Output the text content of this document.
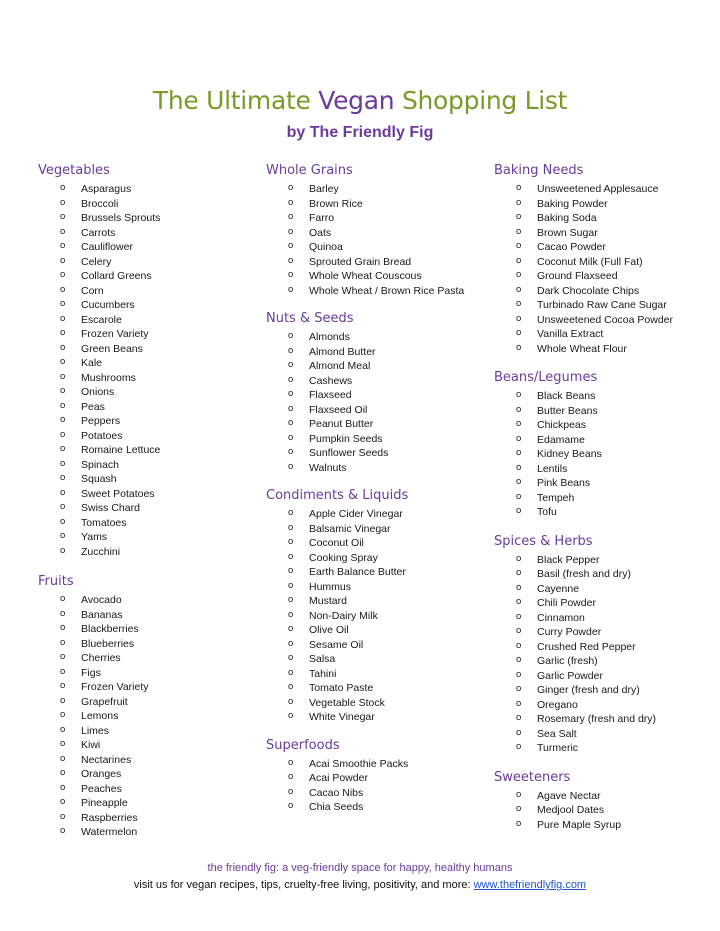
The Ultimate Vegan Shopping List
by The Friendly Fig
Vegetables
o Asparagus
o Broccoli
o Brussels Sprouts
o Carrots
o Cauliflower
o Celery
o Collard Greens
o Corn
o Cucumbers
o Escarole
o Frozen Variety
o Green Beans
o Kale
o Mushrooms
o Onions
o Peas
o Peppers
o Potatoes
o Romaine Lettuce
o Spinach
o Squash
o Sweet Potatoes
o Swiss Chard
o Tomatoes
o Yams
o Zucchini
Fruits
o Avocado
o Bananas
o Blackberries
o Blueberries
o Cherries
o Figs
o Frozen Variety
o Grapefruit
o Lemons
o Limes
o Kiwi
o Nectarines
o Oranges
o Peaches
o Pineapple
o Raspberries
o Watermelon
Whole Grains
o Barley
o Brown Rice
o Farro
o Oats
o Quinoa
o Sprouted Grain Bread
o Whole Wheat Couscous
o Whole Wheat / Brown Rice Pasta
Nuts & Seeds
o Almonds
o Almond Butter
o Almond Meal
o Cashews
o Flaxseed
o Flaxseed Oil
o Peanut Butter
o Pumpkin Seeds
o Sunflower Seeds
o Walnuts
Condiments & Liquids
o Apple Cider Vinegar
o Balsamic Vinegar
o Coconut Oil
o Cooking Spray
o Earth Balance Butter
o Hummus
o Mustard
o Non-Dairy Milk
o Olive Oil
o Sesame Oil
o Salsa
o Tahini
o Tomato Paste
o Vegetable Stock
o White Vinegar
Superfoods
o Acai Smoothie Packs
o Acai Powder
o Cacao Nibs
o Chia Seeds
Baking Needs
o Unsweetened Applesauce
o Baking Powder
o Baking Soda
o Brown Sugar
o Cacao Powder
o Coconut Milk (Full Fat)
o Ground Flaxseed
o Dark Chocolate Chips
o Turbinado Raw Cane Sugar
o Unsweetened Cocoa Powder
o Vanilla Extract
o Whole Wheat Flour
Beans/Legumes
o Black Beans
o Butter Beans
o Chickpeas
o Edamame
o Kidney Beans
o Lentils
o Pink Beans
o Tempeh
o Tofu
Spices & Herbs
o Black Pepper
o Basil (fresh and dry)
o Cayenne
o Chili Powder
o Cinnamon
o Curry Powder
o Crushed Red Pepper
o Garlic (fresh)
o Garlic Powder
o Ginger (fresh and dry)
o Oregano
o Rosemary (fresh and dry)
o Sea Salt
o Turmeric
Sweeteners
o Agave Nectar
o Medjool Dates
o Pure Maple Syrup
the friendly fig: a veg-friendly space for happy, healthy humans
visit us for vegan recipes, tips, cruelty-free living, positivity, and more: www.thefriendlyfig.com
